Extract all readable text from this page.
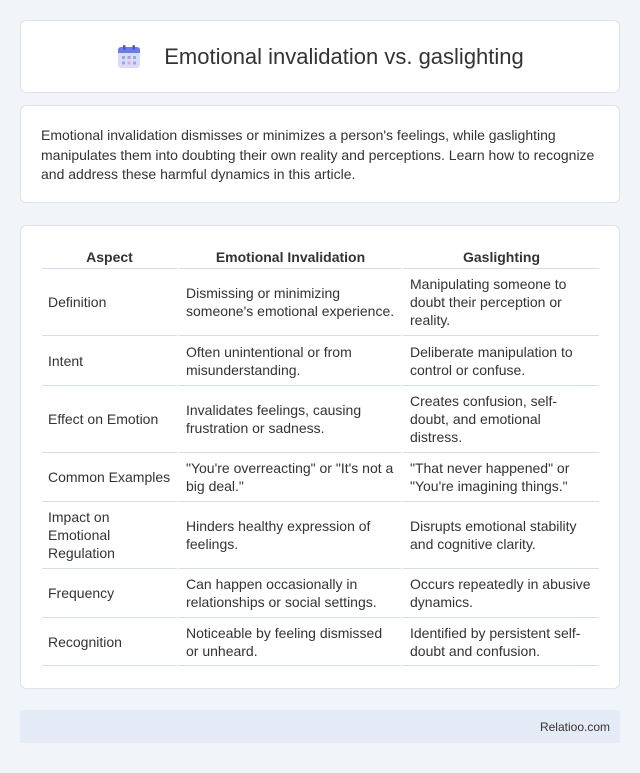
Emotional invalidation vs. gaslighting

Emotional invalidation dismisses or minimizes a person's feelings, while gaslighting manipulates them into doubting their own reality and perceptions. Learn how to recognize and address these harmful dynamics in this article.

Aspect	Emotional Invalidation	Gaslighting
Definition	Dismissing or minimizing someone's emotional experience.	Manipulating someone to doubt their perception or reality.
Intent	Often unintentional or from misunderstanding.	Deliberate manipulation to control or confuse.
Effect on Emotion	Invalidates feelings, causing frustration or sadness.	Creates confusion, self-doubt, and emotional distress.
Common Examples	"You're overreacting" or "It's not a big deal."	"That never happened" or "You're imagining things."
Impact on Emotional Regulation	Hinders healthy expression of feelings.	Disrupts emotional stability and cognitive clarity.
Frequency	Can happen occasionally in relationships or social settings.	Occurs repeatedly in abusive dynamics.
Recognition	Noticeable by feeling dismissed or unheard.	Identified by persistent self-doubt and confusion.
Relatioo.com
